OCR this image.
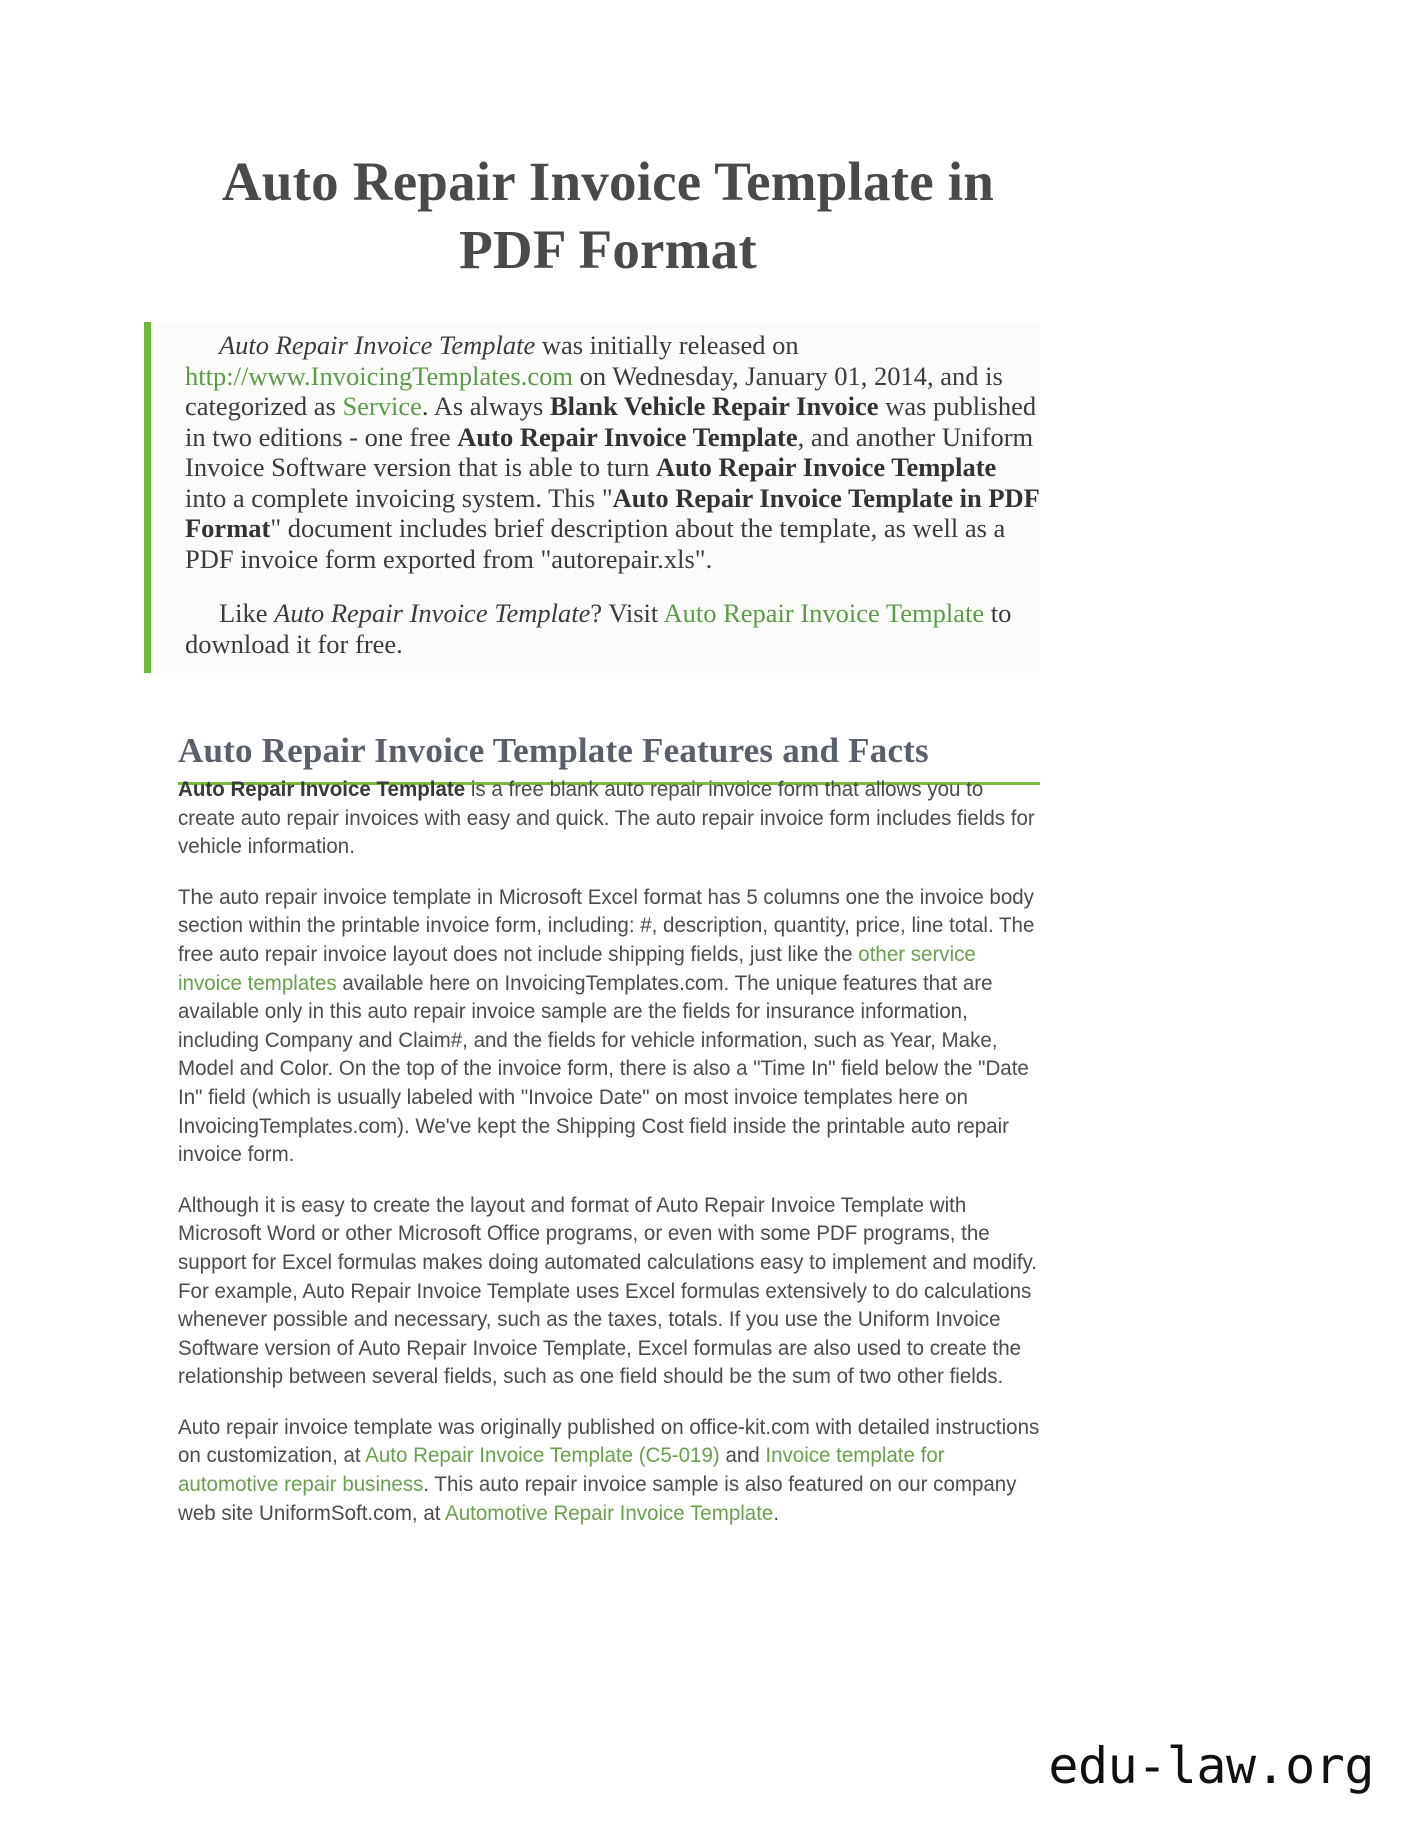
Auto Repair Invoice Template in
PDF Format

Auto Repair Invoice Template was initially released on http://www.InvoicingTemplates.com on Wednesday, January 01, 2014, and is categorized as Service. As always Blank Vehicle Repair Invoice was published in two editions - one free Auto Repair Invoice Template, and another Uniform Invoice Software version that is able to turn Auto Repair Invoice Template into a complete invoicing system. This "Auto Repair Invoice Template in PDF Format" document includes brief description about the template, as well as a PDF invoice form exported from "autorepair.xls".

Like Auto Repair Invoice Template? Visit Auto Repair Invoice Template to download it for free.

Auto Repair Invoice Template Features and Facts

Auto Repair Invoice Template is a free blank auto repair invoice form that allows you to create auto repair invoices with easy and quick. The auto repair invoice form includes fields for vehicle information.

The auto repair invoice template in Microsoft Excel format has 5 columns one the invoice body section within the printable invoice form, including: #, description, quantity, price, line total. The free auto repair invoice layout does not include shipping fields, just like the other service invoice templates available here on InvoicingTemplates.com. The unique features that are available only in this auto repair invoice sample are the fields for insurance information, including Company and Claim#, and the fields for vehicle information, such as Year, Make, Model and Color. On the top of the invoice form, there is also a "Time In" field below the "Date In" field (which is usually labeled with "Invoice Date" on most invoice templates here on InvoicingTemplates.com). We've kept the Shipping Cost field inside the printable auto repair invoice form.

Although it is easy to create the layout and format of Auto Repair Invoice Template with Microsoft Word or other Microsoft Office programs, or even with some PDF programs, the support for Excel formulas makes doing automated calculations easy to implement and modify. For example, Auto Repair Invoice Template uses Excel formulas extensively to do calculations whenever possible and necessary, such as the taxes, totals. If you use the Uniform Invoice Software version of Auto Repair Invoice Template, Excel formulas are also used to create the relationship between several fields, such as one field should be the sum of two other fields.

Auto repair invoice template was originally published on office-kit.com with detailed instructions on customization, at Auto Repair Invoice Template (C5-019) and Invoice template for automotive repair business. This auto repair invoice sample is also featured on our company web site UniformSoft.com, at Automotive Repair Invoice Template.

edu-law.org
